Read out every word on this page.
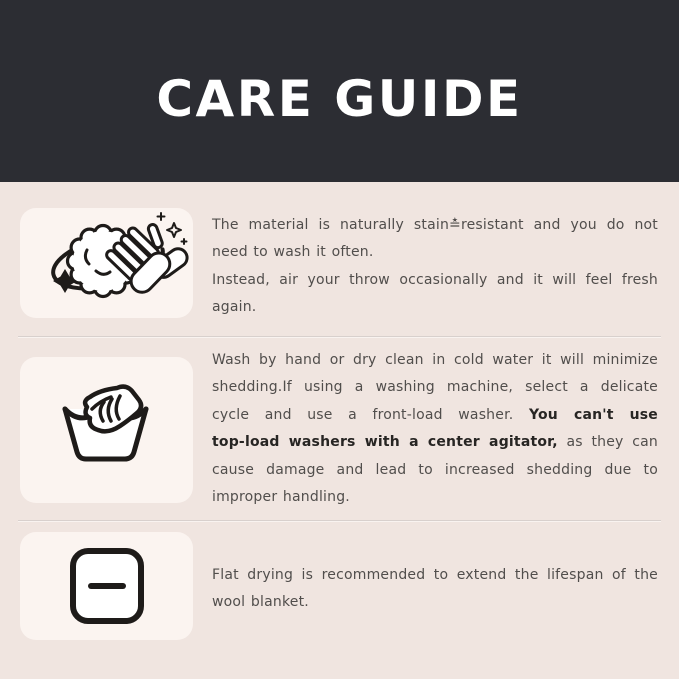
CARE GUIDE
The material is naturally stain≛resistant and you do not
need to wash it often.
Instead, air your throw occasionally and it will feel fresh
again.
Wash by hand or dry clean in cold water it will minimize
shedding.If using a washing machine, select a delicate
cycle and use a front-load washer. You can't use
top-load washers with a center agitator, as they can
cause damage and lead to increased shedding due to
improper handling.
Flat drying is recommended to extend the lifespan of the
wool blanket.
